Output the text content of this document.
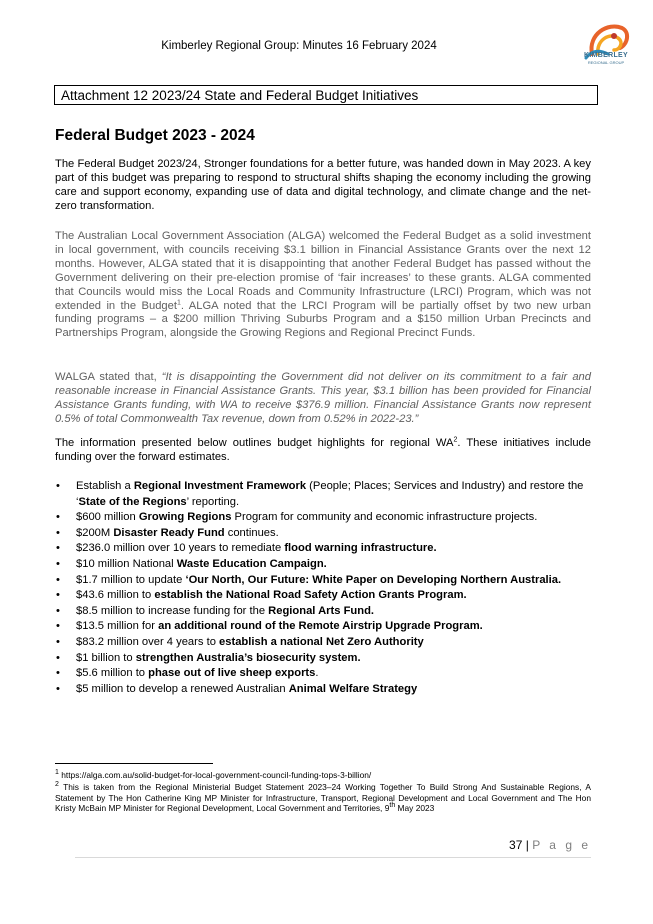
Kimberley Regional Group: Minutes 16 February 2024
KIMBERLEY
REGIONAL GROUP
Attachment 12 2023/24 State and Federal Budget Initiatives
Federal Budget 2023 - 2024

The Federal Budget 2023/24, Stronger foundations for a better future, was handed down in May 2023. A key part of this budget was preparing to respond to structural shifts shaping the economy including the growing care and support economy, expanding use of data and digital technology, and climate change and the net-zero transformation.

The Australian Local Government Association (ALGA) welcomed the Federal Budget as a solid investment in local government, with councils receiving $3.1 billion in Financial Assistance Grants over the next 12 months. However, ALGA stated that it is disappointing that another Federal Budget has passed without the Government delivering on their pre-election promise of ‘fair increases’ to these grants. ALGA commented that Councils would miss the Local Roads and Community Infrastructure (LRCI) Program, which was not extended in the Budget$^1$. ALGA noted that the LRCI Program will be partially offset by two new urban funding programs – a $200 million Thriving Suburbs Program and a $150 million Urban Precincts and Partnerships Program, alongside the Growing Regions and Regional Precinct Funds.

WALGA stated that, “It is disappointing the Government did not deliver on its commitment to a fair and reasonable increase in Financial Assistance Grants. This year, $3.1 billion has been provided for Financial Assistance Grants funding, with WA to receive $376.9 million. Financial Assistance Grants now represent 0.5% of total Commonwealth Tax revenue, down from 0.52% in 2022-23.”

The information presented below outlines budget highlights for regional $WA^2$. These initiatives include funding over the forward estimates.

• Establish a Regional Investment Framework (People; Places; Services and Industry) and restore the ‘State of the Regions’ reporting.
• $600 million Growing Regions Program for community and economic infrastructure projects.
• $200M Disaster Ready Fund continues.
• $236.0 million over 10 years to remediate flood warning infrastructure.
• $10 million National Waste Education Campaign.
• $1.7 million to update ‘Our North, Our Future: White Paper on Developing Northern Australia.
• $43.6 million to establish the National Road Safety Action Grants Program.
• $8.5 million to increase funding for the Regional Arts Fund.
• $13.5 million for an additional round of the Remote Airstrip Upgrade Program.
• $83.2 million over 4 years to establish a national Net Zero Authority
• $1 billion to strengthen Australia’s biosecurity system.
• $5.6 million to phase out of live sheep exports.
• $5 million to develop a renewed Australian Animal Welfare Strategy

$^1$ https://alga.com.au/solid-budget-for-local-government-council-funding-tops-3-billion/

$^2$ This is taken from the Regional Ministerial Budget Statement 2023–24 Working Together To Build Strong And Sustainable Regions, A Statement by The Hon Catherine King MP Minister for Infrastructure, Transport, Regional Development and Local Government and The Hon Kristy McBain MP Minister for Regional Development, Local Government and Territories, 9th May 2023

37 | P a g e
